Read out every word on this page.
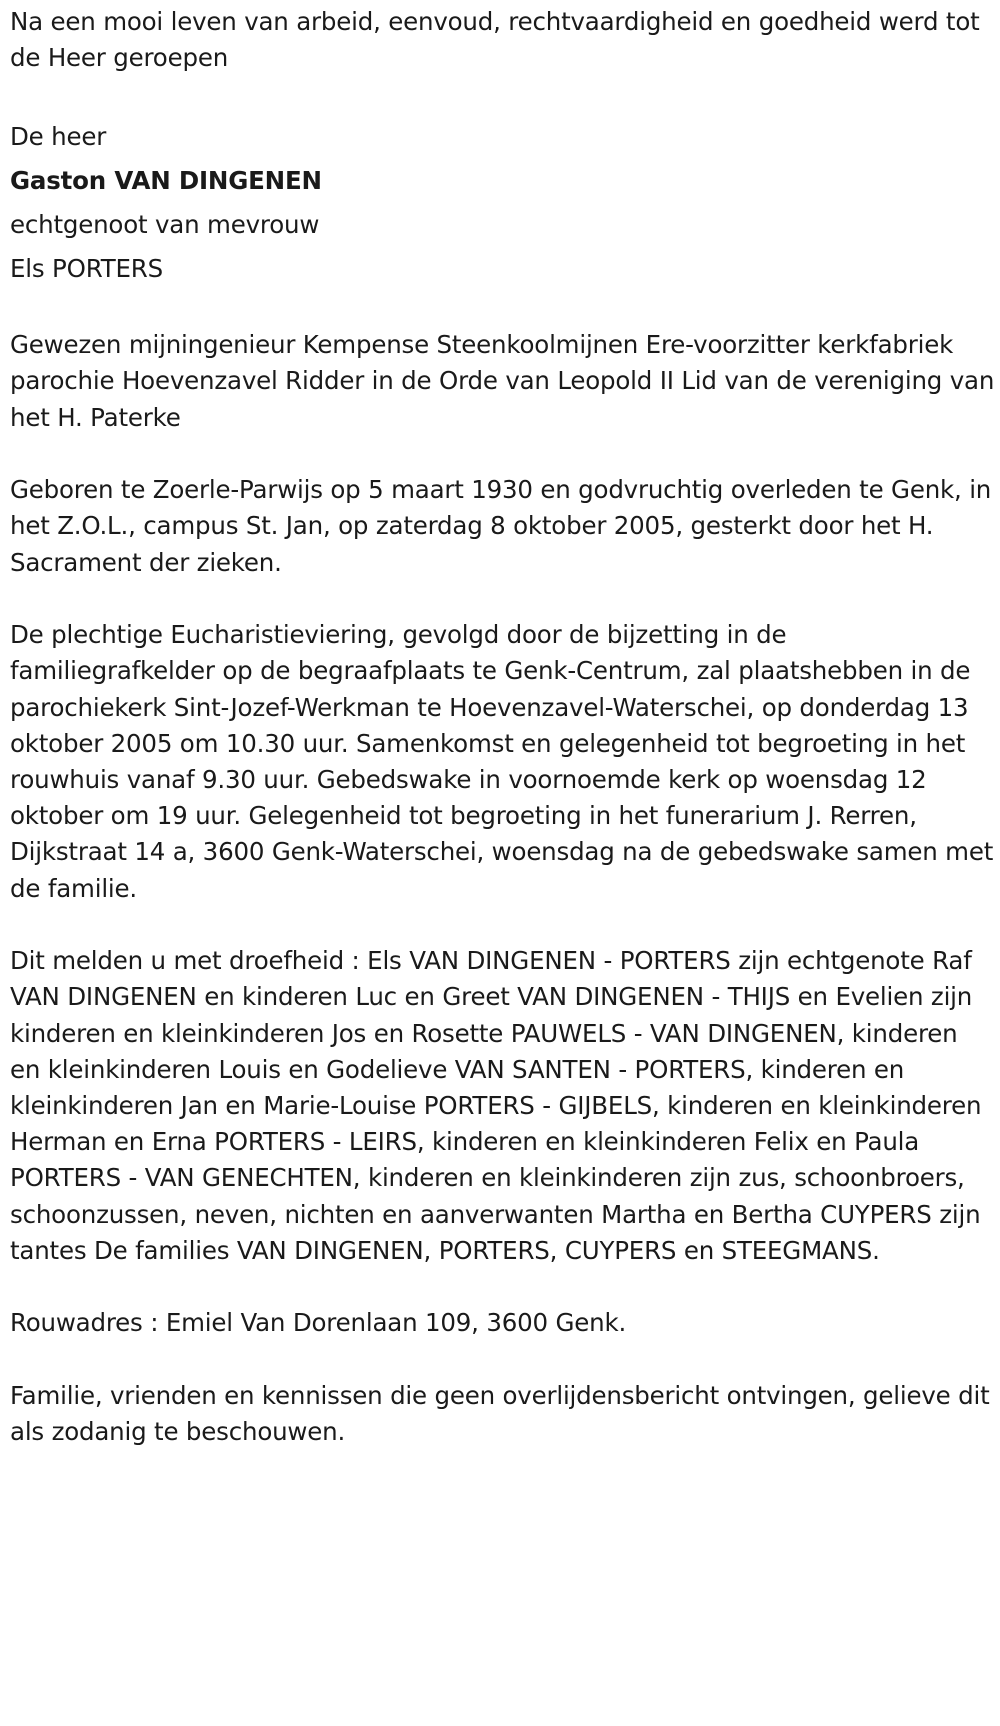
Na een mooi leven van arbeid, eenvoud, rechtvaardigheid en goedheid werd tot de Heer geroepen

De heer

Gaston VAN DINGENEN

echtgenoot van mevrouw

Els PORTERS

Gewezen mijningenieur Kempense Steenkoolmijnen Ere-voorzitter kerkfabriek parochie Hoevenzavel Ridder in de Orde van Leopold II Lid van de vereniging van het H. Paterke

Geboren te Zoerle-Parwijs op 5 maart 1930 en godvruchtig overleden te Genk, in het Z.O.L., campus St. Jan, op zaterdag 8 oktober 2005, gesterkt door het H. Sacrament der zieken.

De plechtige Eucharistieviering, gevolgd door de bijzetting in de familiegrafkelder op de begraafplaats te Genk-Centrum, zal plaatshebben in de parochiekerk Sint-Jozef-Werkman te Hoevenzavel-Waterschei, op donderdag 13 oktober 2005 om 10.30 uur. Samenkomst en gelegenheid tot begroeting in het rouwhuis vanaf 9.30 uur. Gebedswake in voornoemde kerk op woensdag 12 oktober om 19 uur. Gelegenheid tot begroeting in het funerarium J. Rerren, Dijkstraat 14 a, 3600 Genk-Waterschei, woensdag na de gebedswake samen met de familie.

Dit melden u met droefheid : Els VAN DINGENEN - PORTERS zijn echtgenote Raf VAN DINGENEN en kinderen Luc en Greet VAN DINGENEN - THIJS en Evelien zijn kinderen en kleinkinderen Jos en Rosette PAUWELS - VAN DINGENEN, kinderen en kleinkinderen Louis en Godelieve VAN SANTEN - PORTERS, kinderen en kleinkinderen Jan en Marie-Louise PORTERS - GIJBELS, kinderen en kleinkinderen Herman en Erna PORTERS - LEIRS, kinderen en kleinkinderen Felix en Paula PORTERS - VAN GENECHTEN, kinderen en kleinkinderen zijn zus, schoonbroers, schoonzussen, neven, nichten en aanverwanten Martha en Bertha CUYPERS zijn tantes De families VAN DINGENEN, PORTERS, CUYPERS en STEEGMANS.

Rouwadres : Emiel Van Dorenlaan 109, 3600 Genk.

Familie, vrienden en kennissen die geen overlijdensbericht ontvingen, gelieve dit als zodanig te beschouwen.
